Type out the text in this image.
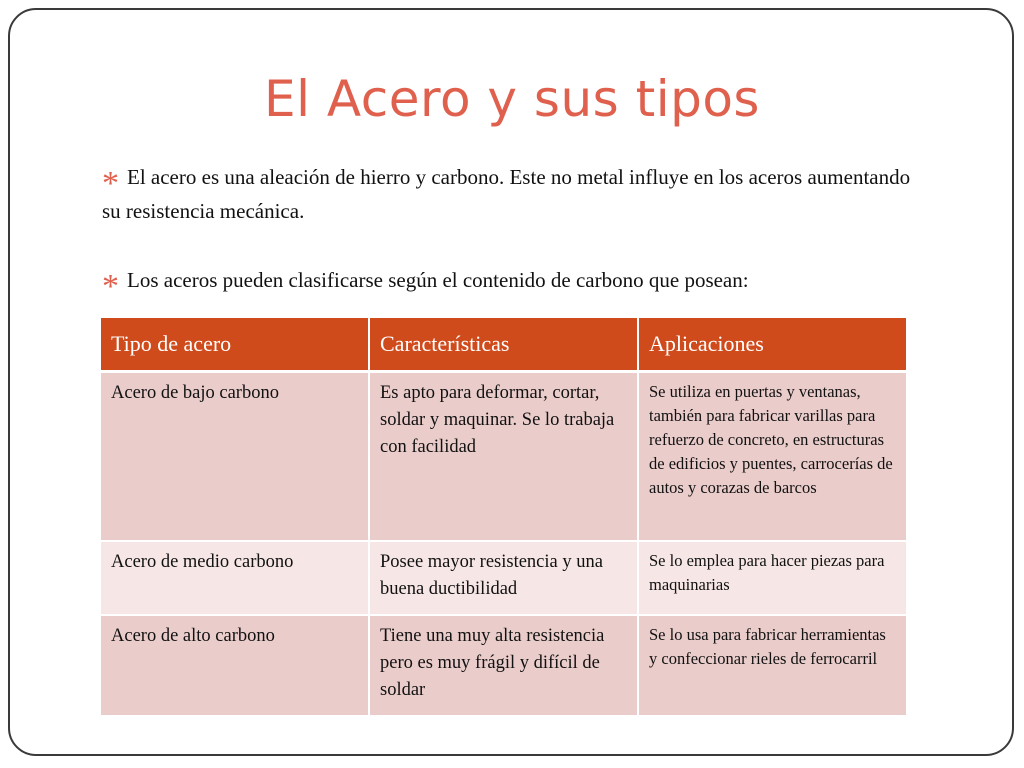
El Acero y sus tipos
* El acero es una aleación de hierro y carbono. Este no metal influye en los aceros aumentando su resistencia mecánica.
* Los aceros pueden clasificarse según el contenido de carbono que posean:
Tipo de acero	Características	Aplicaciones
Acero de bajo carbono	Es apto para deformar, cortar, soldar y maquinar. Se lo trabaja con facilidad	Se utiliza en puertas y ventanas, también para fabricar varillas para refuerzo de concreto, en estructuras de edificios y puentes, carrocerías de autos y corazas de barcos
Acero de medio carbono	Posee mayor resistencia y una buena ductibilidad	Se lo emplea para hacer piezas para maquinarias
Acero de alto carbono	Tiene una muy alta resistencia pero es muy frágil y difícil de soldar	Se lo usa para fabricar herramientas y confeccionar rieles de ferrocarril
